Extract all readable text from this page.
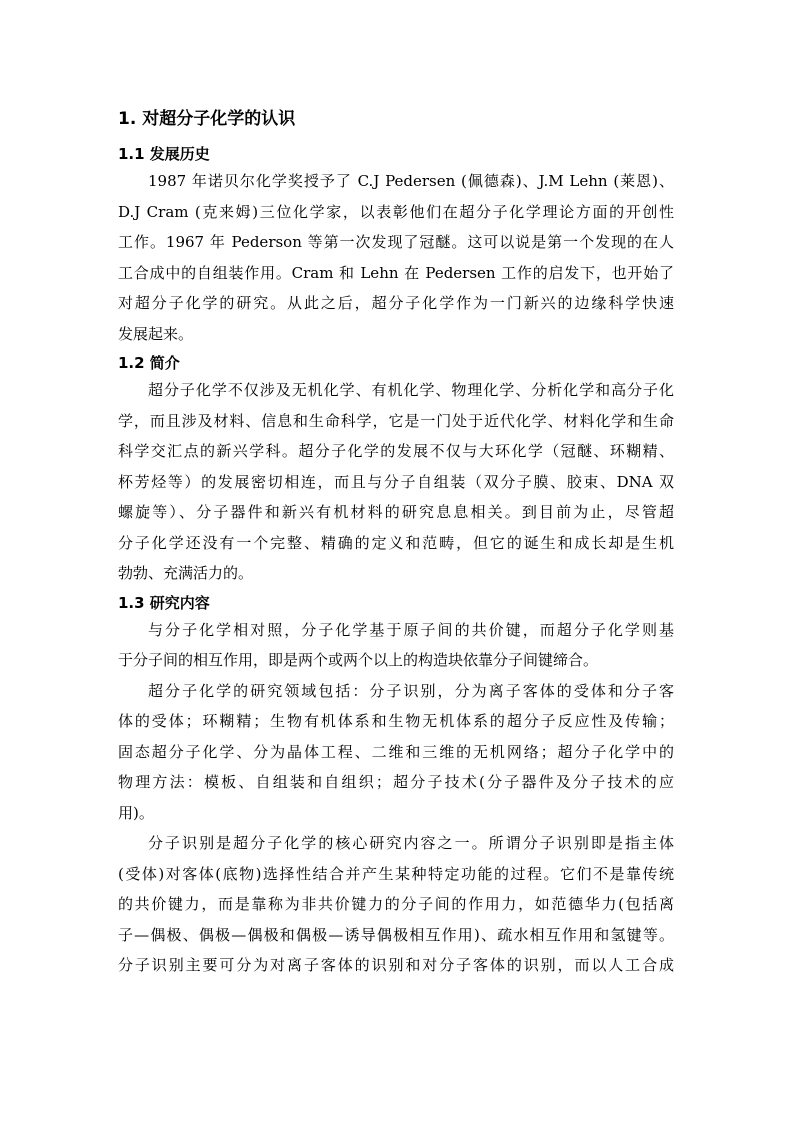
1. 对超分子化学的认识
1.1 发展历史
1987 年诺贝尔化学奖授予了 C.J Pedersen (佩德森)、J.M Lehn (莱恩)、
D.J Cram (克来姆)三位化学家，以表彰他们在超分子化学理论方面的开创性
工作。1967 年 Pederson 等第一次发现了冠醚。这可以说是第一个发现的在人
工合成中的自组装作用。Cram 和 Lehn 在 Pedersen 工作的启发下，也开始了
对超分子化学的研究。从此之后，超分子化学作为一门新兴的边缘科学快速
发展起来。
1.2 简介
超分子化学不仅涉及无机化学、有机化学、物理化学、分析化学和高分子化
学，而且涉及材料、信息和生命科学，它是一门处于近代化学、材料化学和生命
科学交汇点的新兴学科。超分子化学的发展不仅与大环化学（冠醚、环糊精、
杯芳烃等）的发展密切相连，而且与分子自组装（双分子膜、胶束、DNA 双
螺旋等）、分子器件和新兴有机材料的研究息息相关。到目前为止，尽管超
分子化学还没有一个完整、精确的定义和范畴，但它的诞生和成长却是生机
勃勃、充满活力的。
1.3 研究内容
与分子化学相对照，分子化学基于原子间的共价键，而超分子化学则基
于分子间的相互作用，即是两个或两个以上的构造块依靠分子间键缔合。
超分子化学的研究领域包括：分子识别，分为离子客体的受体和分子客
体的受体；环糊精；生物有机体系和生物无机体系的超分子反应性及传输；
固态超分子化学、分为晶体工程、二维和三维的无机网络；超分子化学中的
物理方法：模板、自组装和自组织；超分子技术(分子器件及分子技术的应
用)。
分子识别是超分子化学的核心研究内容之一。所谓分子识别即是指主体
(受体)对客体(底物)选择性结合并产生某种特定功能的过程。它们不是靠传统
的共价键力，而是靠称为非共价键力的分子间的作用力，如范德华力(包括离
子—偶极、偶极—偶极和偶极—诱导偶极相互作用)、疏水相互作用和氢键等。
分子识别主要可分为对离子客体的识别和对分子客体的识别，而以人工合成
